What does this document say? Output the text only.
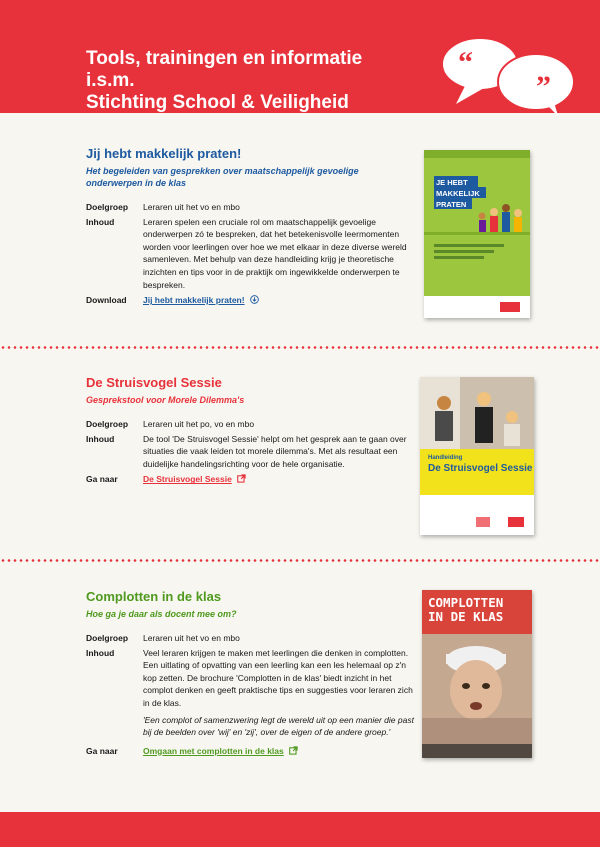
Tools, trainingen en informatie i.s.m.
Stichting School & Veiligheid
“
”
Jij hebt makkelijk praten!
Het begeleiden van gesprekken over maatschappelijk gevoelige onderwerpen in de klas
Doelgroep	Leraren uit het vo en mbo
Inhoud	Leraren spelen een cruciale rol om maatschappelijk gevoelige onderwerpen zó te bespreken, dat het betekenisvolle leermomenten worden voor leerlingen over hoe we met elkaar in deze diverse wereld samenleven. Met behulp van deze handleiding krijg je theoretische inzichten en tips voor in de praktijk om ingewikkelde onderwerpen te bespreken.
Download	Jij hebt makkelijk praten!
JE HEBT
MAKKELIJK
PRATEN
De Struisvogel Sessie
Gesprekstool voor Morele Dilemma's
Doelgroep	Leraren uit het po, vo en mbo
Inhoud	De tool 'De Struisvogel Sessie' helpt om het gesprek aan te gaan over situaties die vaak leiden tot morele dilemma's. Met als resultaat een duidelijke handelingsrichting voor de hele organisatie.
Ga naar	De Struisvogel Sessie
Handleiding
De Struisvogel Sessie
Complotten in de klas
Hoe ga je daar als docent mee om?
Doelgroep	Leraren uit het vo en mbo
Inhoud	Veel leraren krijgen te maken met leerlingen die denken in complotten. Een uitlating of opvatting van een leerling kan een les helemaal op z'n kop zetten. De brochure 'Complotten in de klas' biedt inzicht in het complot denken en geeft praktische tips en suggesties voor leraren zich in de klas.

'Een complot of samenzwering legt de wereld uit op een manier die past bij de beelden over 'wij' en 'zij', over de eigen of de andere groep.'

Ga naar	Omgaan met complotten in de klas
COMPLOTTEN
IN DE KLAS
